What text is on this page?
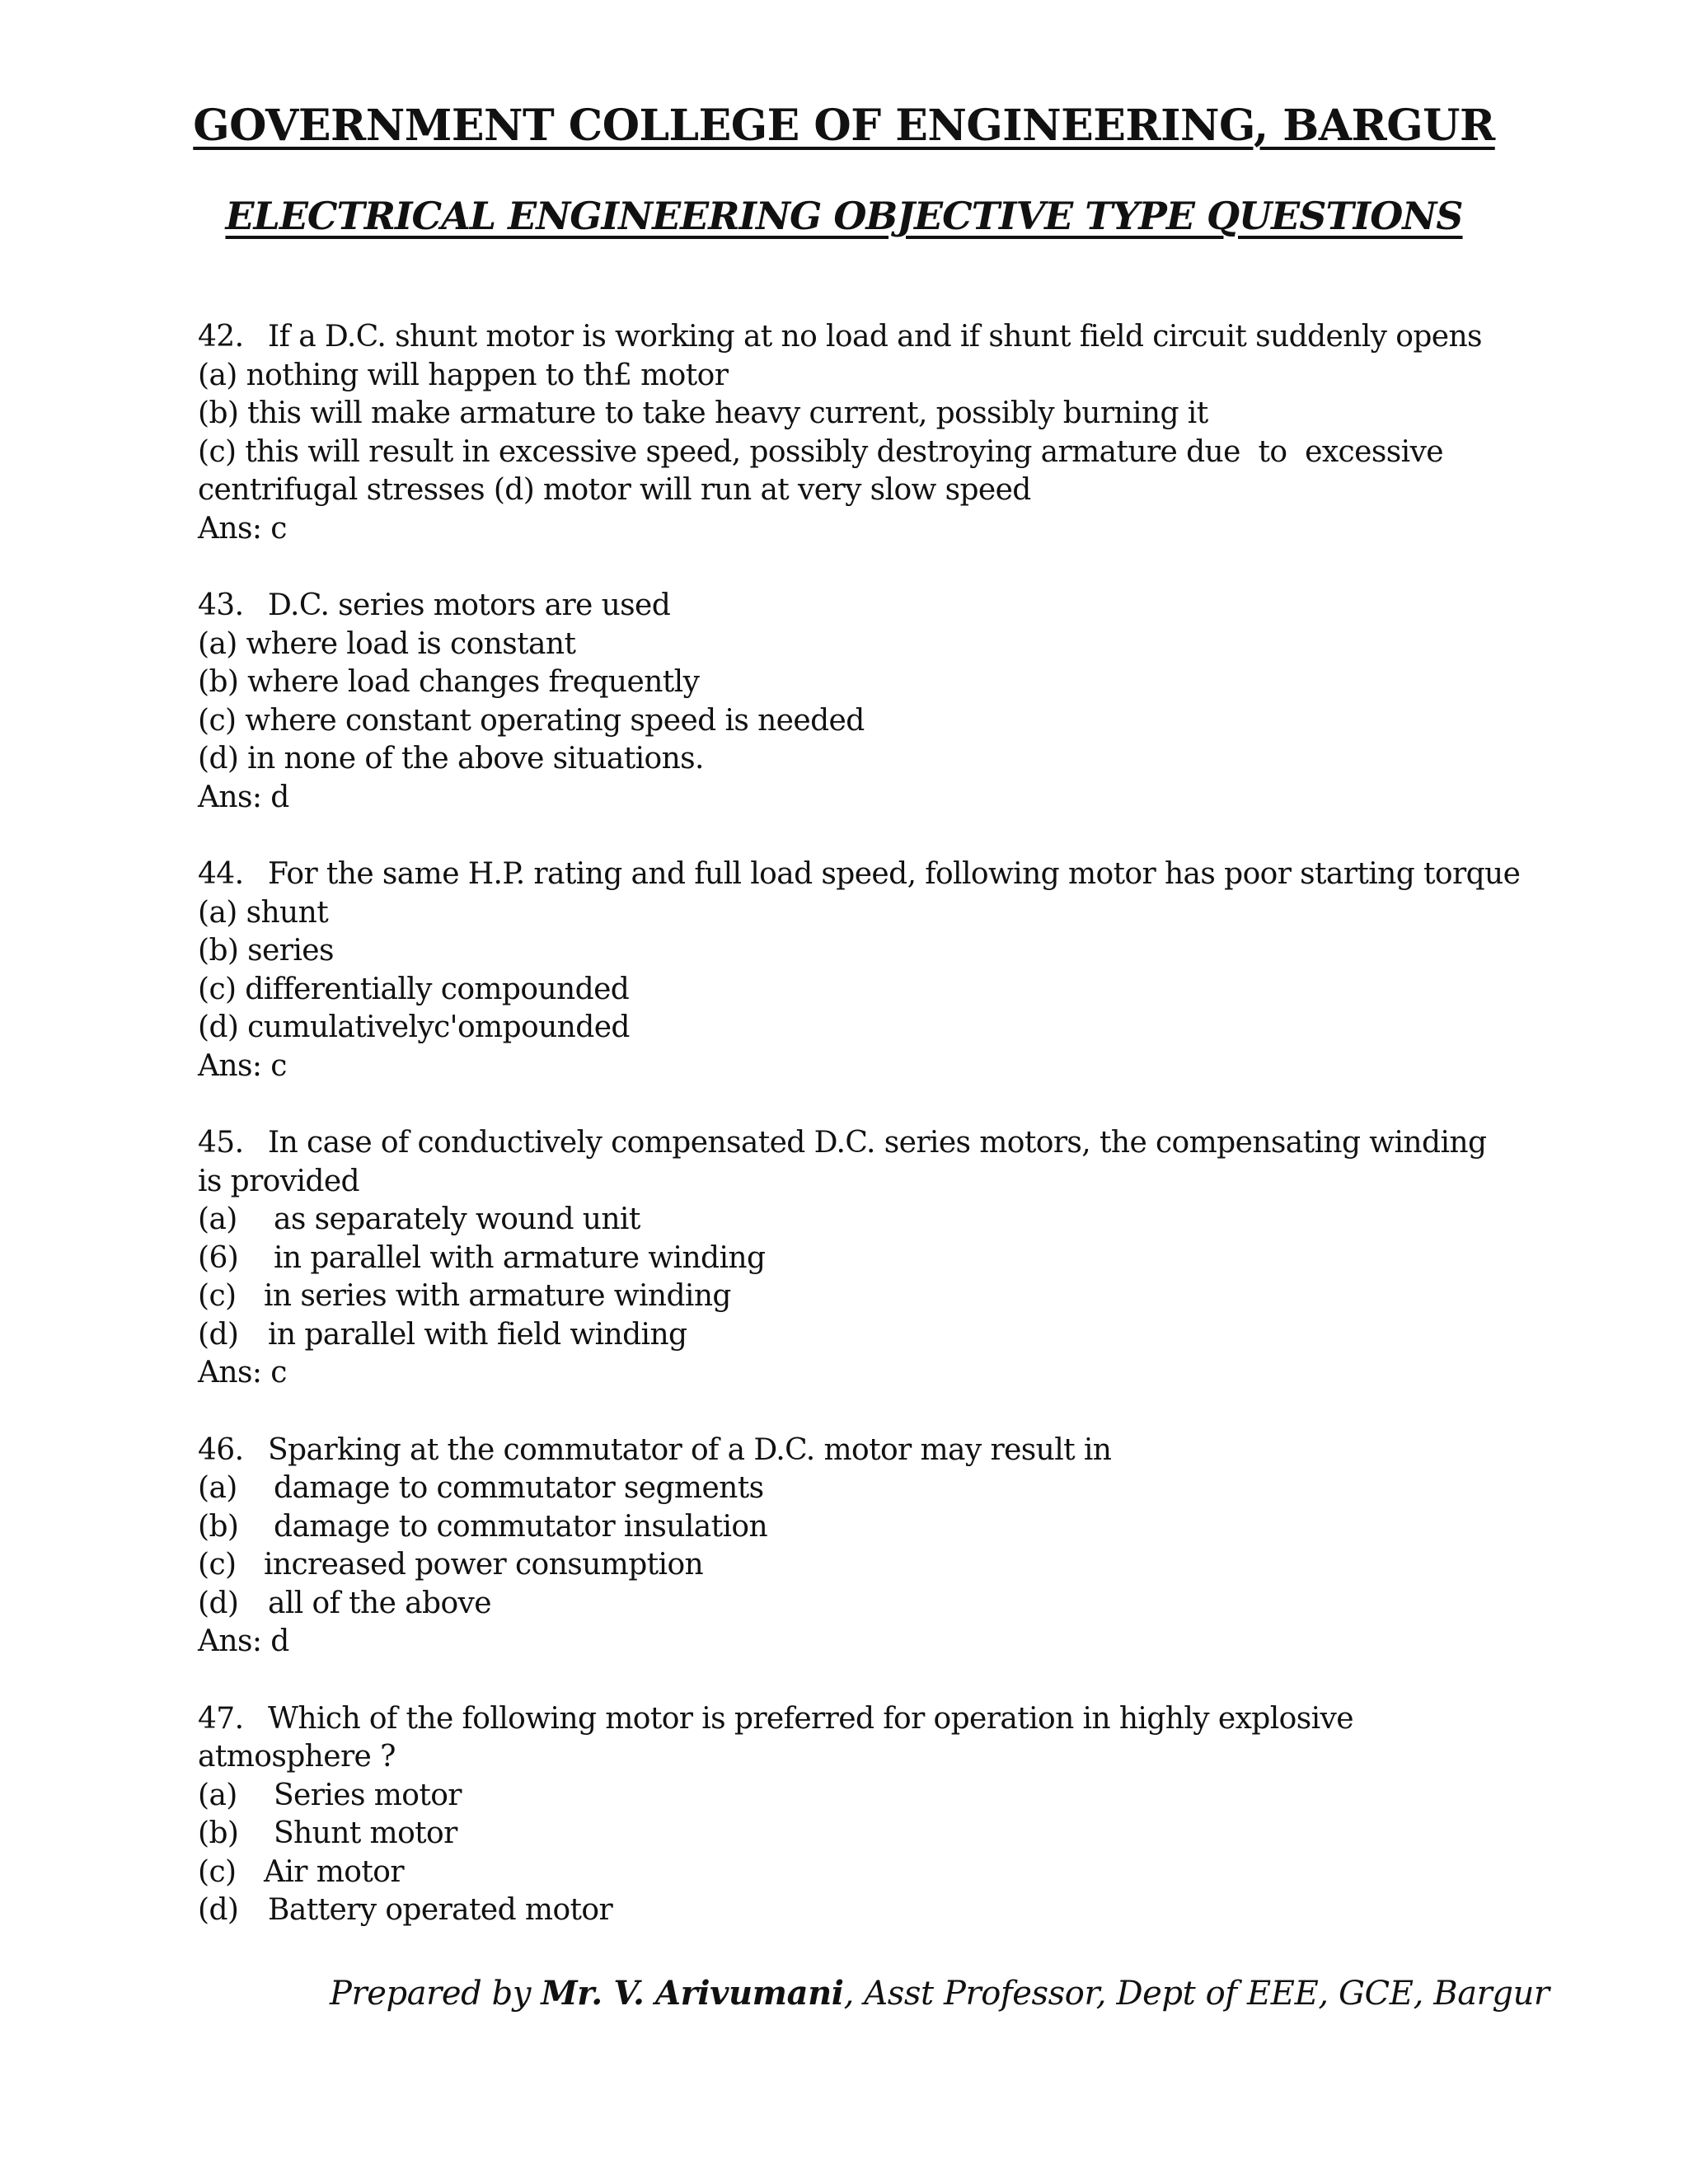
GOVERNMENT COLLEGE OF ENGINEERING, BARGUR
ELECTRICAL ENGINEERING OBJECTIVE TYPE QUESTIONS
42. If a D.C. shunt motor is working at no load and if shunt field circuit suddenly opens
(a) nothing will happen to th£ motor
(b) this will make armature to take heavy current, possibly burning it
(c) this will result in excessive speed, possibly destroying armature due  to  excessive
centrifugal stresses (d) motor will run at very slow speed
Ans: c
43. D.C. series motors are used
(a) where load is constant
(b) where load changes frequently
(c) where constant operating speed is needed
(d) in none of the above situations.
Ans: d
44. For the same H.P. rating and full load speed, following motor has poor starting torque
(a) shunt
(b) series
(c) differentially compounded
(d) cumulativelyc'ompounded
Ans: c
45. In case of conductively compensated D.C. series motors, the compensating winding is provided
(a) as separately wound unit
(6) in parallel with armature winding
(c) in series with armature winding
(d) in parallel with field winding
Ans: c
46. Sparking at the commutator of a D.C. motor may result in
(a) damage to commutator segments
(b) damage to commutator insulation
(c) increased power consumption
(d) all of the above
Ans: d
47. Which of the following motor is preferred for operation in highly explosive atmosphere ?
(a) Series motor
(b) Shunt motor
(c) Air motor
(d) Battery operated motor
Prepared by Mr. V. Arivumani, Asst Professor, Dept of EEE, GCE, Bargur
